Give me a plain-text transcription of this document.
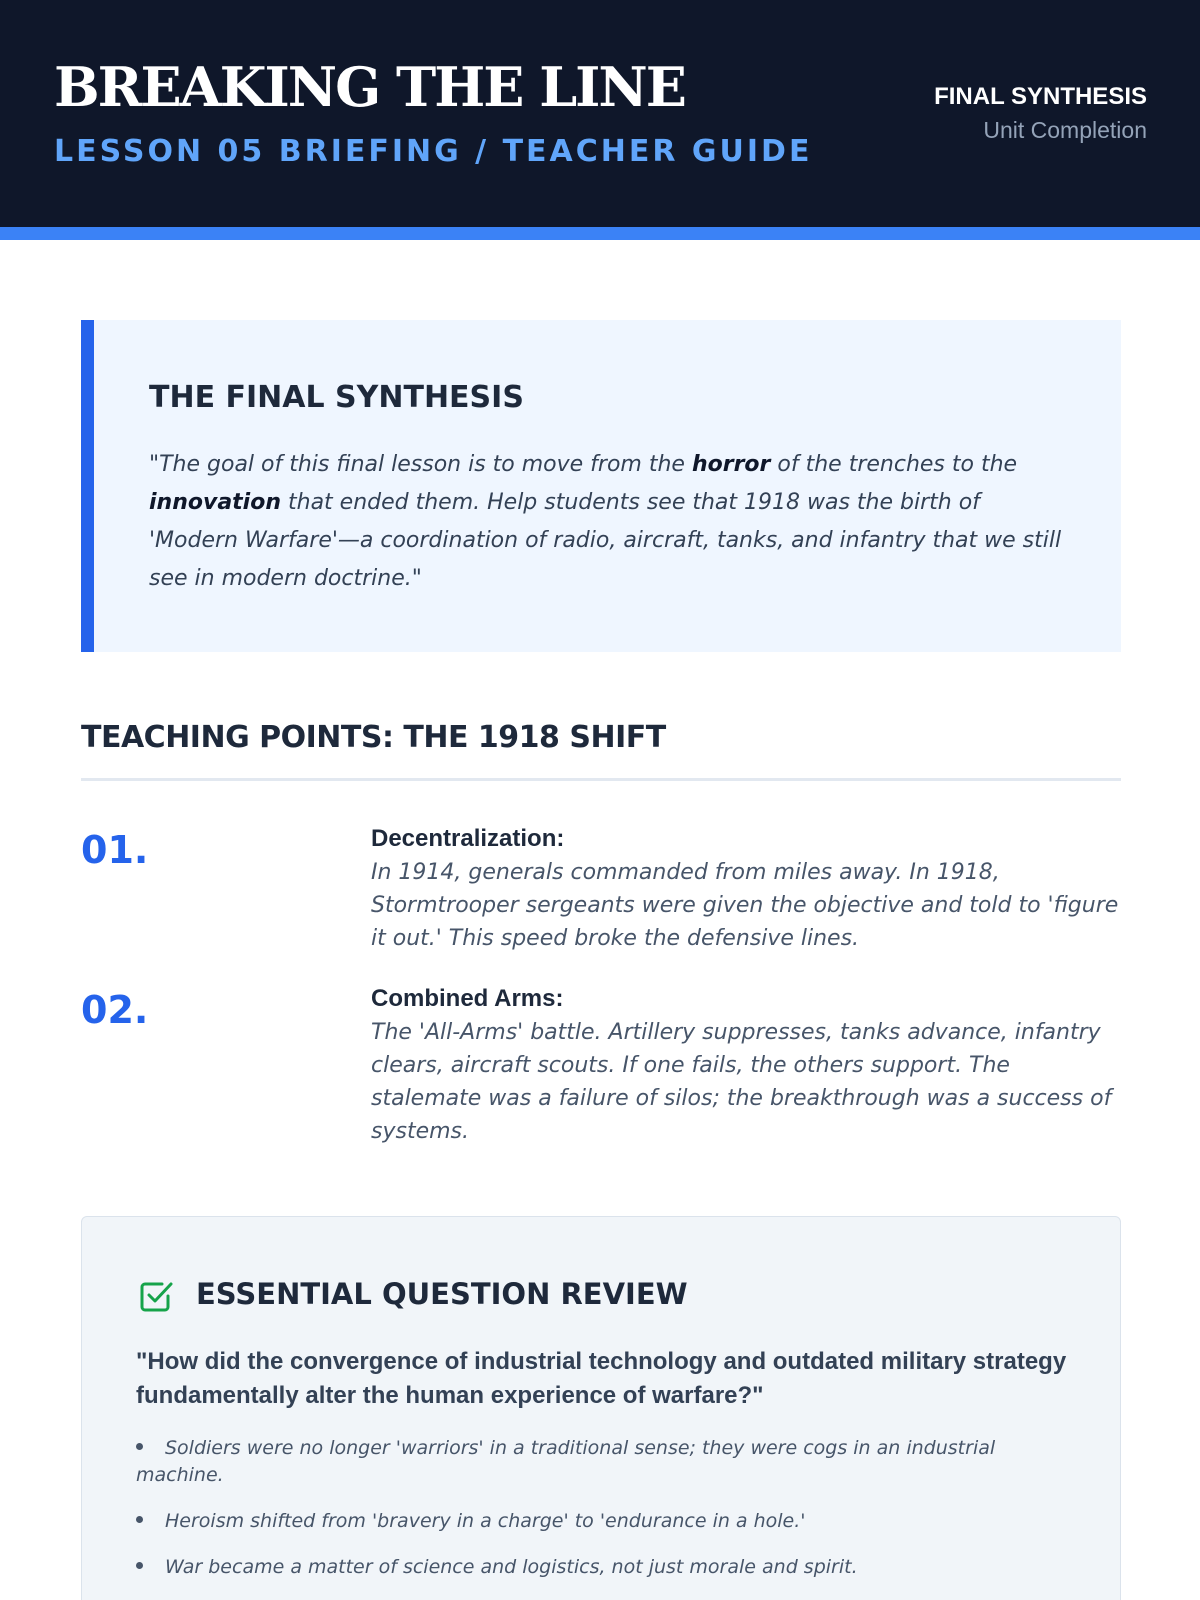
BREAKING THE LINE
LESSON 05 BRIEFING / TEACHER GUIDE
FINAL SYNTHESIS
Unit Completion
THE FINAL SYNTHESIS

"The goal of this final lesson is to move from the horror of the trenches to the innovation that ended them. Help students see that 1918 was the birth of 'Modern Warfare'—a coordination of radio, aircraft, tanks, and infantry that we still see in modern doctrine."

TEACHING POINTS: THE 1918 SHIFT
01.	Decentralization:
In 1914, generals commanded from miles away. In 1918, Stormtrooper sergeants were given the objective and told to 'figure it out.' This speed broke the defensive lines.
02.	Combined Arms:
The 'All-Arms' battle. Artillery suppresses, tanks advance, infantry clears, aircraft scouts. If one fails, the others support. The stalemate was a failure of silos; the breakthrough was a success of systems.
ESSENTIAL QUESTION REVIEW
"How did the convergence of industrial technology and outdated military strategy fundamentally alter the human experience of warfare?"
Soldiers were no longer 'warriors' in a traditional sense; they were cogs in an industrial machine.
Heroism shifted from 'bravery in a charge' to 'endurance in a hole.'
War became a matter of science and logistics, not just morale and spirit.
